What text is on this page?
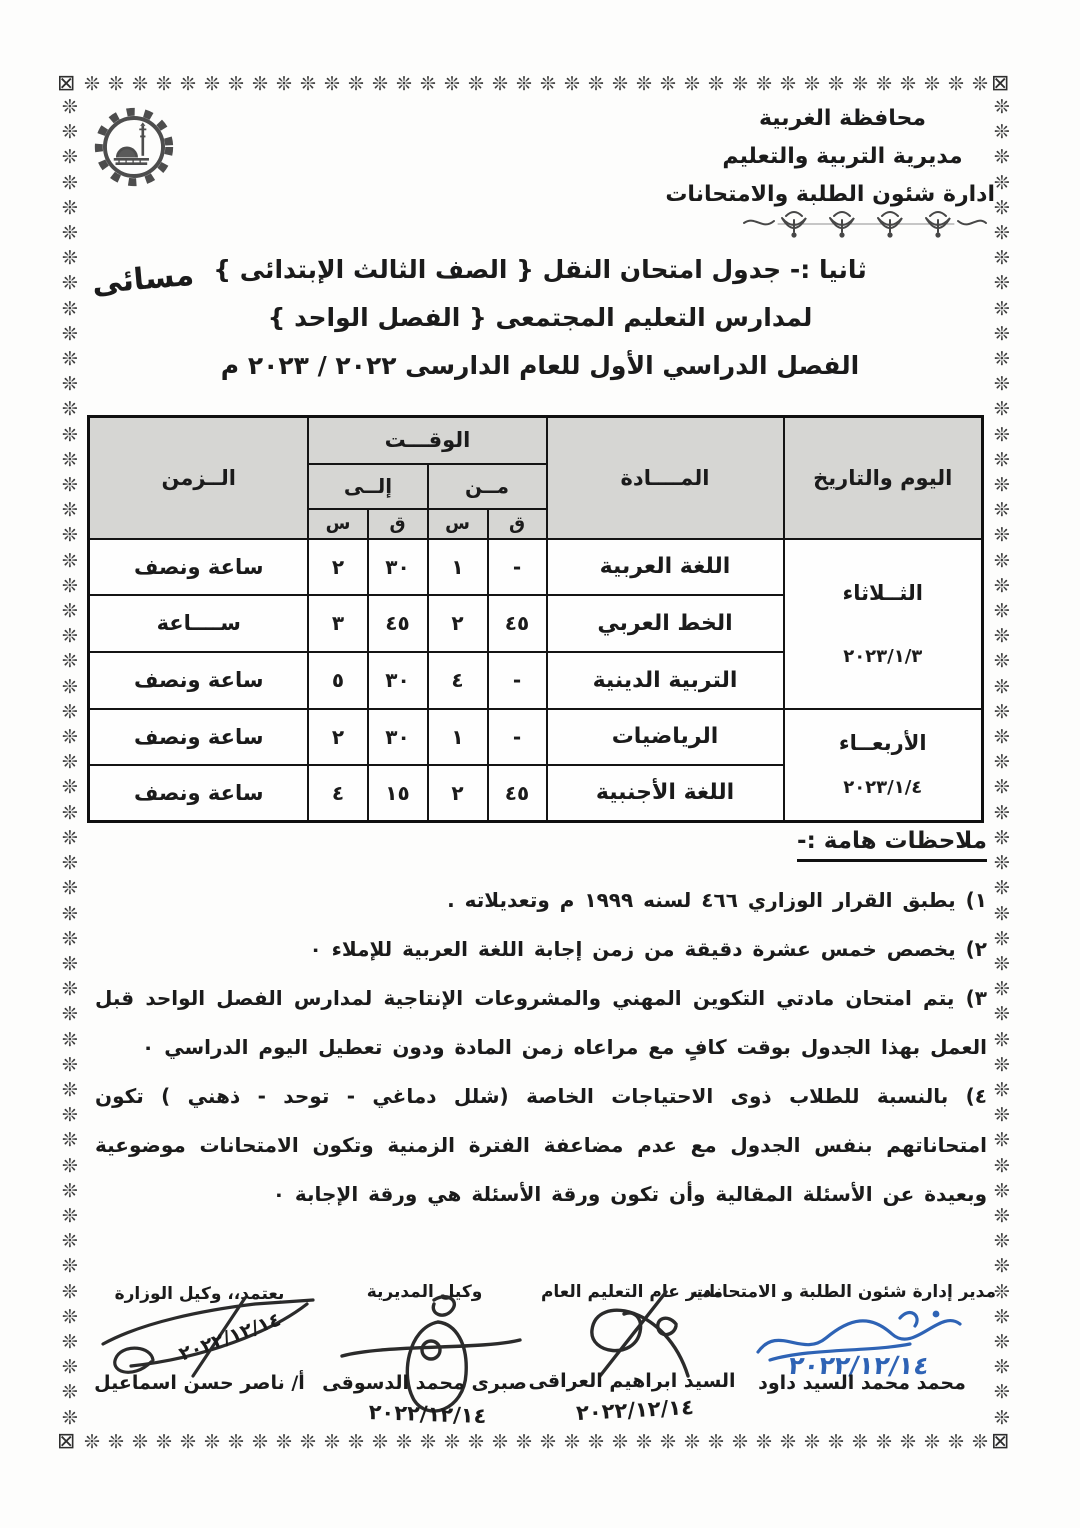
⊠	⊠
⊠	⊠
❊
❊
❊
❊
❊
❊
❊
❊
❊
❊
❊
❊
❊
❊
❊
❊
❊
❊
❊
❊
❊
❊
❊
❊
❊
❊
❊
❊
❊
❊
❊
❊
❊
❊
❊
❊
❊
❊
❊
❊
❊
❊
❊
❊
❊
❊
❊
❊
❊
❊
❊
❊
❊
❊
❊
❊
❊
❊
❊
❊
❊
❊
❊
❊
❊
❊
❊
❊
❊
❊
❊
❊
❊
❊
❊
❊
❊
❊
❊
❊
❊
❊
❊
❊
❊
❊
❊
❊
❊
❊
❊
❊
❊
❊
❊
❊
❊
❊
❊
❊
❊
❊
❊
❊
❊
❊
❊
❊
❊
❊
❊
❊
❊
❊
❊
❊
❊
❊
❊
❊
❊
❊
❊
❊
❊
❊
❊
❊
❊
❊
❊
❊
❊
❊
❊
❊
❊
❊
❊
❊
❊
❊
❊
❊
❊
❊
❊
❊
❊
❊
❊
❊
❊
❊
❊
❊
❊
❊
❊
❊
❊
❊
❊
❊
❊
❊
❊
❊
❊
❊
❊
❊
❊
❊
❊
❊
❊
❊
❊
❊
❊
❊
مسائى
محافظة الغربية
مديرية التربية والتعليم
ادارة شئون الطلبة والامتحانات
ثانيا :- جدول امتحان النقل { الصف الثالث الإبتدائى }
لمدارس التعليم المجتمعى { الفصل الواحد }
الفصل الدراسي الأول للعام الدارسى ٢٠٢٢ / ٢٠٢٣ م
اليوم والتاريخ	المــــادة	الوقـــت				الــزمن
		مــن		إلــى		
		ق	س	ق	س	

الثــلاثاء
٢٠٢٣/١/٣	اللغة العربية	-	١	٣٠	٢	ساعة ونصف
	الخط العربي	٤٥	٢	٤٥	٣	ســــاعة
	التربية الدينية	-	٤	٣٠	٥	ساعة ونصف

الأربعــاء
٢٠٢٣/١/٤	الرياضيات	-	١	٣٠	٢	ساعة ونصف
	اللغة الأجنبية	٤٥	٢	١٥	٤	ساعة ونصف
ملاحظات هامة :-

١) يطبق القرار الوزاري ٤٦٦ لسنه ١٩٩٩ م وتعديلاته .

٢) يخصص خمس عشرة دقيقة من زمن إجابة اللغة العربية للإملاء ٠

٣) يتم امتحان مادتي التكوين المهني والمشروعات الإنتاجية لمدارس الفصل الواحد قبل العمل بهذا الجدول بوقت كافٍ مع مراعاه زمن المادة ودون تعطيل اليوم الدراسي ٠

٤) بالنسبة للطلاب ذوى الاحتياجات الخاصة (شلل دماغي - توحد - ذهني ) تكون امتحاناتهم بنفس الجدول مع عدم مضاعفة الفترة الزمنية وتكون الامتحانات موضوعية وبعيدة عن الأسئلة المقالية وأن تكون ورقة الأسئلة هي ورقة الإجابة ٠

مدير إدارة شئون الطلبة و الامتحانات
٢٠٢٢/١٢/١٤
محمد محمد السيد داود
مدير عام التعليم العام
السيد ابراهيم العراقى
٢٠٢٢/١٢/١٤
وكيل المديرية
صبرى محمد الدسوقى
٢٠٢٢/١٢/١٤
يعتمد،، وكيل الوزارة
٢٠٢٢/١٢/١٤
أ/ ناصر حسن اسماعيل
